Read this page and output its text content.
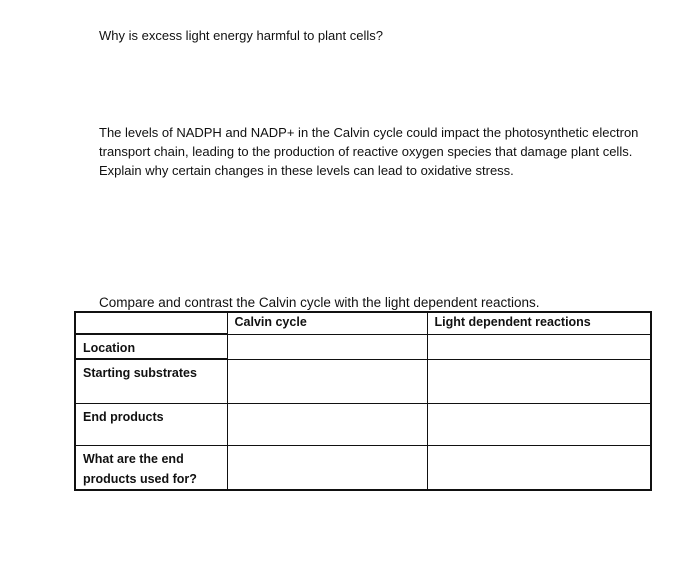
Why is excess light energy harmful to plant cells?
The levels of NADPH and NADP+ in the Calvin cycle could impact the photosynthetic electron transport chain, leading to the production of reactive oxygen species that damage plant cells. Explain why certain changes in these levels can lead to oxidative stress.
Compare and contrast the Calvin cycle with the light dependent reactions.
	Calvin cycle	Light dependent reactions
Location		
Starting substrates		
End products		
What are the end products used for?		
